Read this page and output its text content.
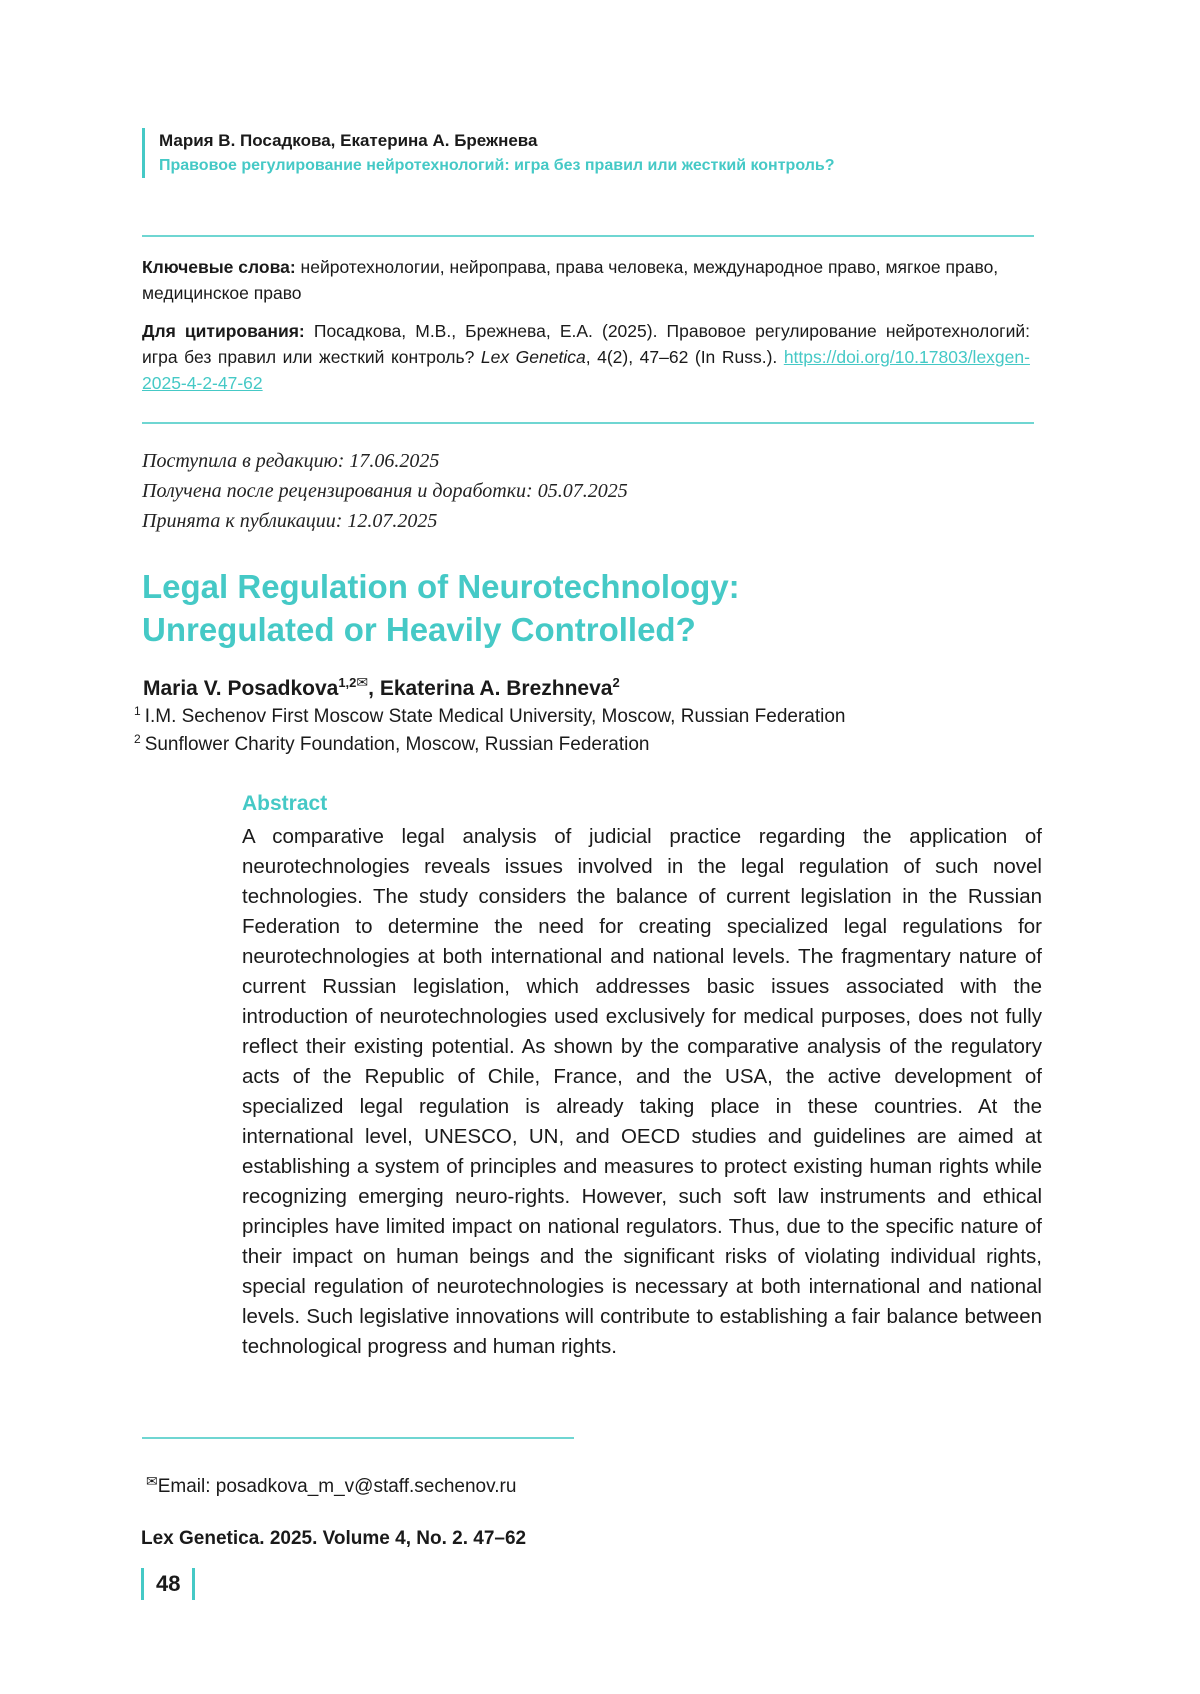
Мария В. Посадкова, Екатерина А. Брежнева
Правовое регулирование нейротехнологий: игра без правил или жесткий контроль?
Ключевые слова: нейротехнологии, нейроправа, права человека, международное право, мягкое право, медицинское право
Для цитирования: Посадкова, М.В., Брежнева, Е.А. (2025). Правовое регулирование нейротехнологий: игра без правил или жесткий контроль? Lex Genetica, 4(2), 47–62 (In Russ.). https://doi.org/10.17803/lexgen-2025-4-2-47-62
Поступила в редакцию: 17.06.2025
Получена после рецензирования и доработки: 05.07.2025
Принята к публикации: 12.07.2025
Legal Regulation of Neurotechnology:
Unregulated or Heavily Controlled?
Maria V. Posadkova$^{1,2✉}$, Ekaterina A. Brezhneva$^2$
$^1$ I.M. Sechenov First Moscow State Medical University, Moscow, Russian Federation
$^2$ Sunflower Charity Foundation, Moscow, Russian Federation
Abstract
A comparative legal analysis of judicial practice regarding the application of neurotechnologies reveals issues involved in the legal regulation of such novel technologies. The study considers the balance of current legislation in the Russian Federation to determine the need for creating specialized legal regulations for neurotechnologies at both international and national levels. The fragmentary nature of current Russian legislation, which addresses basic issues associated with the introduction of neurotechnologies used exclusively for medical purposes, does not fully reflect their existing potential. As shown by the comparative analysis of the regulatory acts of the Republic of Chile, France, and the USA, the active development of specialized legal regulation is already taking place in these countries. At the international level, UNESCO, UN, and OECD studies and guidelines are aimed at establishing a system of principles and measures to protect existing human rights while recognizing emerging neuro-rights. However, such soft law instruments and ethical principles have limited impact on national regulators. Thus, due to the specific nature of their impact on human beings and the significant risks of violating individual rights, special regulation of neurotechnologies is necessary at both international and national levels. Such legislative innovations will contribute to establishing a fair balance between technological progress and human rights.
✉Email: posadkova_m_v@staff.sechenov.ru
Lex Genetica. 2025. Volume 4, No. 2. 47–62
48
